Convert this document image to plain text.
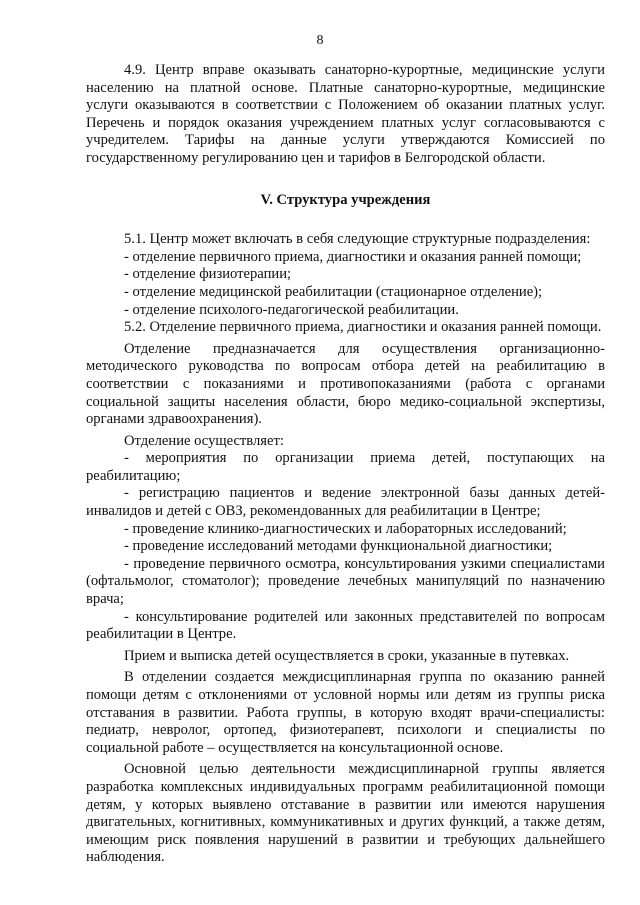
8

4.9. Центр вправе оказывать санаторно-курортные, медицинские услуги населению на платной основе. Платные санаторно-курортные, медицинские услуги оказываются в соответствии с Положением об оказании платных услуг. Перечень и порядок оказания учреждением платных услуг согласовываются с учредителем. Тарифы на данные услуги утверждаются Комиссией по государственному регулированию цен и тарифов в Белгородской области.

V. Структура учреждения

5.1. Центр может включать в себя следующие структурные подразделения:

- отделение первичного приема, диагностики и оказания ранней помощи;

- отделение физиотерапии;

- отделение медицинской реабилитации (стационарное отделение);

- отделение психолого-педагогической реабилитации.

5.2. Отделение первичного приема, диагностики и оказания ранней помощи.

Отделение предназначается для осуществления организационно-методического руководства по вопросам отбора детей на реабилитацию в соответствии с показаниями и противопоказаниями (работа с органами социальной защиты населения области, бюро медико-социальной экспертизы, органами здравоохранения).

Отделение осуществляет:

- мероприятия по организации приема детей, поступающих на реабилитацию;

- регистрацию пациентов и ведение электронной базы данных детей-инвалидов и детей с ОВЗ, рекомендованных для реабилитации в Центре;

- проведение клинико-диагностических и лабораторных исследований;

- проведение исследований методами функциональной диагностики;

- проведение первичного осмотра, консультирования узкими специалистами (офтальмолог, стоматолог); проведение лечебных манипуляций по назначению врача;

- консультирование родителей или законных представителей по вопросам реабилитации в Центре.

Прием и выписка детей осуществляется в сроки, указанные в путевках.

В отделении создается междисциплинарная группа по оказанию ранней помощи детям с отклонениями от условной нормы или детям из группы риска отставания в развитии. Работа группы, в которую входят врачи-специалисты: педиатр, невролог, ортопед, физиотерапевт, психологи и специалисты по социальной работе – осуществляется на консультационной основе.

Основной целью деятельности междисциплинарной группы является разработка комплексных индивидуальных программ реабилитационной помощи детям, у которых выявлено отставание в развитии или имеются нарушения двигательных, когнитивных, коммуникативных и других функций, а также детям, имеющим риск появления нарушений в развитии и требующих дальнейшего наблюдения.
